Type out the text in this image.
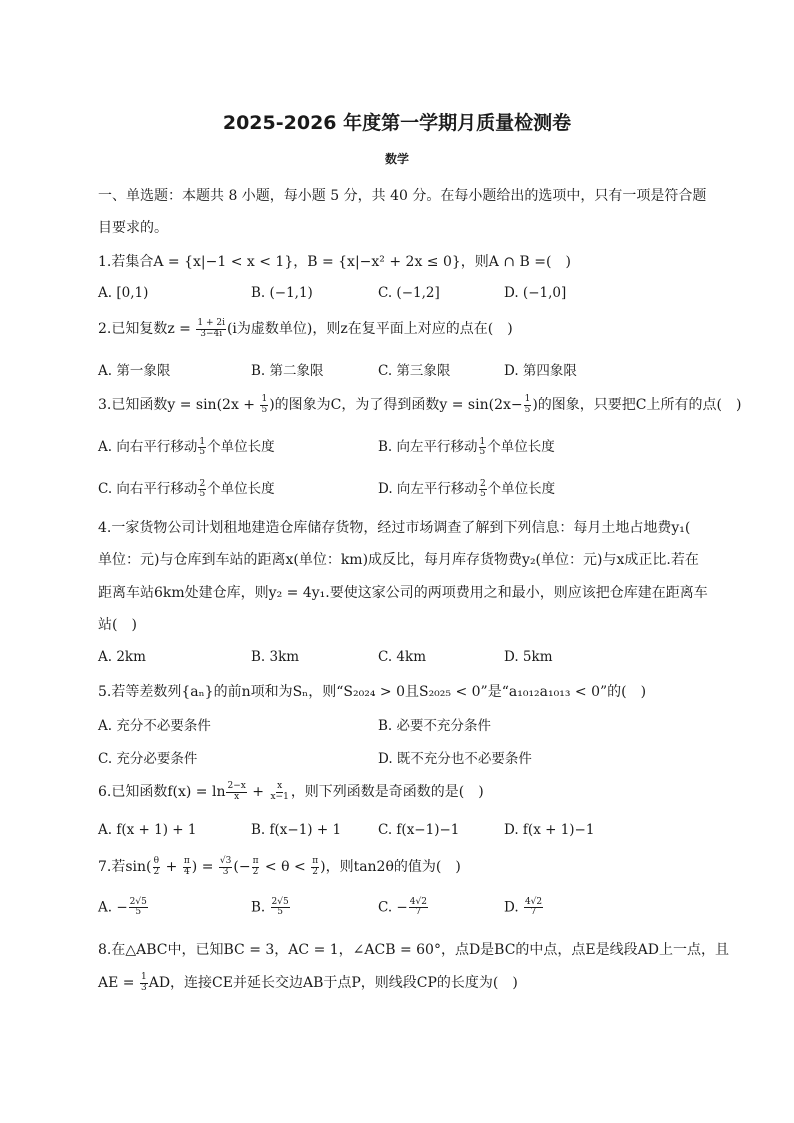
2025-2026 年度第一学期月质量检测卷
数学
一、单选题：本题共 8 小题，每小题 5 分，共 40 分。在每小题给出的选项中，只有一项是符合题
目要求的。
1.若集合A = {x|−1 < x < 1}，B = {x|−x² + 2x ≤ 0}，则A ∩ B =(　)
A. [0,1)	B. (−1,1)	C. (−1,2]	D. (−1,0]
2.已知复数$z = \frac{1 + 2i}{3-4i} (i$为虚数单位)，则z在复平面上对应的点在(　)
A. 第一象限	B. 第二象限	C. 第三象限	D. 第四象限
3.已知函数$y = \sin(2x + \frac{1}{5}$ )的图象为C，为了得到函数$y = \sin(2x- \frac{1}{5}$ )的图象，只要把C上所有的点(　)
A. 向右平行移动 $\frac{1}{5}$ 个单位长度	B. 向左平行移动 $\frac{1}{5}$ 个单位长度
C. 向右平行移动 $\frac{2}{5}$ 个单位长度	D. 向左平行移动 $\frac{2}{5}$ 个单位长度
4.一家货物公司计划租地建造仓库储存货物，经过市场调查了解到下列信息：每月土地占地费y₁(
单位：元)与仓库到车站的距离x(单位：km)成反比，每月库存货物费y₂(单位：元)与x成正比.若在
距离车站6km处建仓库，则y₂ = 4y₁.要使这家公司的两项费用之和最小，则应该把仓库建在距离车
站(　)
A. 2km	B. 3km	C. 4km	D. 5km
5.若等差数列{aₙ}的前n项和为Sₙ，则“S₂₀₂₄ > 0且S₂₀₂₅ < 0”是“a₁₀₁₂a₁₀₁₃ < 0”的(　)
A. 充分不必要条件	B. 必要不充分条件
C. 充分必要条件	D. 既不充分也不必要条件
6.已知函数$f(x) = \ln \frac{2-x}{x} + \frac{x}{x-1}$ ，则下列函数是奇函数的是(　)
A. f(x + 1) + 1	B. f(x−1) + 1	C. f(x−1)−1	D. f(x + 1)−1
7.若$\sin( \frac{\theta}{2} + \frac{\pi}{4}$ ) = $\frac{√3}{3}$ (− $\frac{\pi}{2} < \theta < \frac{\pi}{2}$ )，则tan2θ的值为(　)
A. − $\frac{2√5}{5}$	B. $\frac{2√5}{5}$	C. − $\frac{4√2}{7}$	D. $\frac{4√2}{7}$
8.在△ABC中，已知BC = 3，AC = 1，∠ACB = 60°，点D是BC的中点，点E是线段AD上一点，且
AE = $\frac{1}{3}$ AD，连接CE并延长交边AB于点P，则线段CP的长度为(　)
